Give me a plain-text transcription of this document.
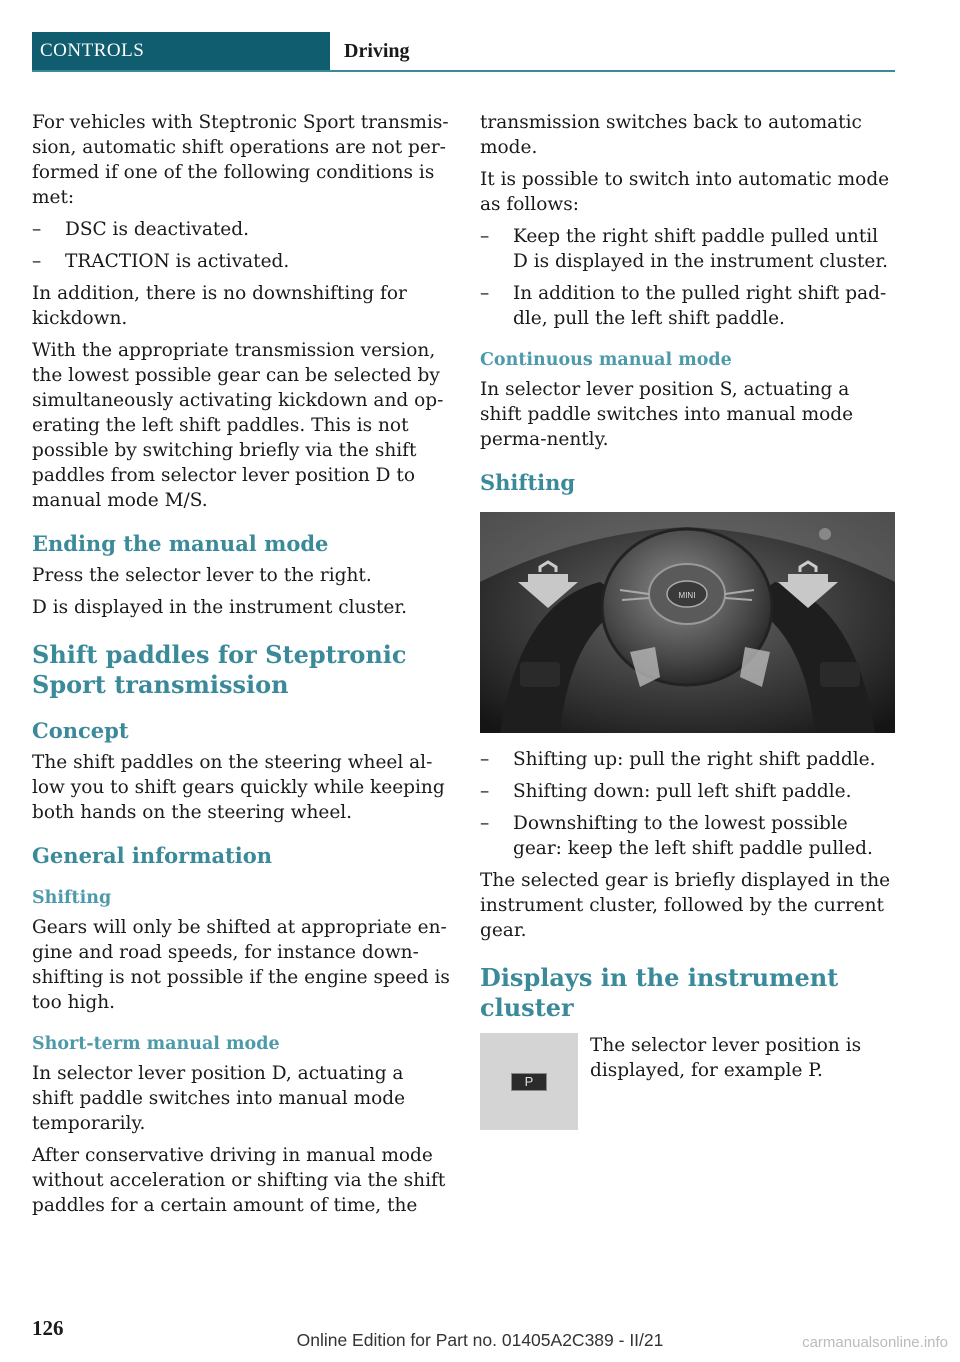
CONTROLS	Driving

For vehicles with Steptronic Sport transmis‐sion, automatic shift operations are not per‐formed if one of the following conditions is met:

– DSC is deactivated.
– TRACTION is activated.

In addition, there is no downshifting for kickdown.

With the appropriate transmission version, the lowest possible gear can be selected by simultaneously activating kickdown and op‐erating the left shift paddles. This is not possible by switching briefly via the shift paddles from selector lever position D to manual mode M/S.

Ending the manual mode

Press the selector lever to the right.

D is displayed in the instrument cluster.

Shift paddles for Steptronic Sport transmission
Concept

The shift paddles on the steering wheel al‐low you to shift gears quickly while keeping both hands on the steering wheel.

General information
Shifting

Gears will only be shifted at appropriate en‐gine and road speeds, for instance down‐shifting is not possible if the engine speed is too high.

Short-term manual mode

In selector lever position D, actuating a shift paddle switches into manual mode temporarily.

After conservative driving in manual mode without acceleration or shifting via the shift paddles for a certain amount of time, the

transmission switches back to automatic mode.

It is possible to switch into automatic mode as follows:

– Keep the right shift paddle pulled until D is displayed in the instrument cluster.
– In addition to the pulled right shift pad‐dle, pull the left shift paddle.
Continuous manual mode

In selector lever position S, actuating a shift paddle switches into manual mode perma‐nently.

Shifting
MINI
– Shifting up: pull the right shift paddle.
– Shifting down: pull left shift paddle.
– Downshifting to the lowest possible gear: keep the left shift paddle pulled.

The selected gear is briefly displayed in the instrument cluster, followed by the current gear.

Displays in the instrument cluster
P
The selector lever position is displayed, for example P.
126	Online Edition for Part no. 01405A2C389 - II/21	carmanualsonline.info
